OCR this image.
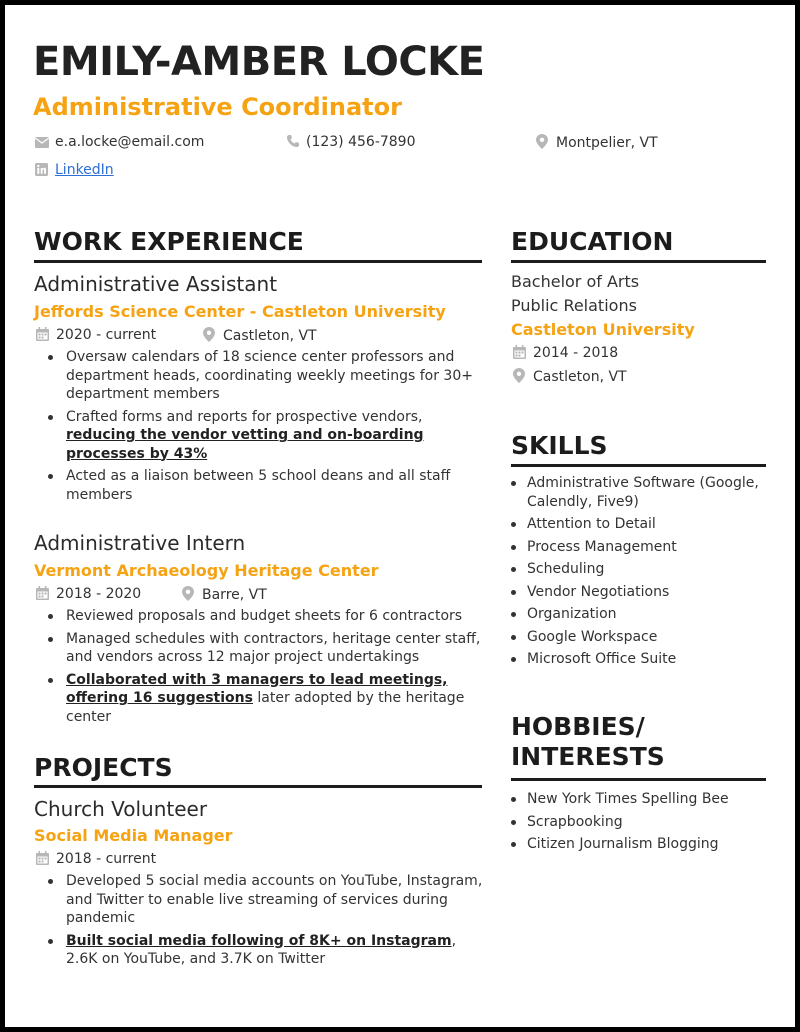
EMILY-AMBER LOCKE
Administrative Coordinator
e.a.locke@email.com	(123) 456-7890	Montpelier, VT
LinkedIn
WORK EXPERIENCE
Administrative Assistant
Jeffords Science Center - Castleton University
2020 - current	Castleton, VT
Oversaw calendars of 18 science center professors and department heads, coordinating weekly meetings for 30+ department members
Crafted forms and reports for prospective vendors, reducing the vendor vetting and on-boarding processes by 43%
Acted as a liaison between 5 school deans and all staff members
Administrative Intern
Vermont Archaeology Heritage Center
2018 - 2020	Barre, VT
Reviewed proposals and budget sheets for 6 contractors
Managed schedules with contractors, heritage center staff, and vendors across 12 major project undertakings
Collaborated with 3 managers to lead meetings, offering 16 suggestions later adopted by the heritage center
PROJECTS
Church Volunteer
Social Media Manager
2018 - current
Developed 5 social media accounts on YouTube, Instagram, and Twitter to enable live streaming of services during pandemic
Built social media following of 8K+ on Instagram, 2.6K on YouTube, and 3.7K on Twitter
EDUCATION
Bachelor of Arts
Public Relations
Castleton University
2014 - 2018
Castleton, VT
SKILLS
Administrative Software (Google, Calendly, Five9)
Attention to Detail
Process Management
Scheduling
Vendor Negotiations
Organization
Google Workspace
Microsoft Office Suite
HOBBIES/
INTERESTS
New York Times Spelling Bee
Scrapbooking
Citizen Journalism Blogging
